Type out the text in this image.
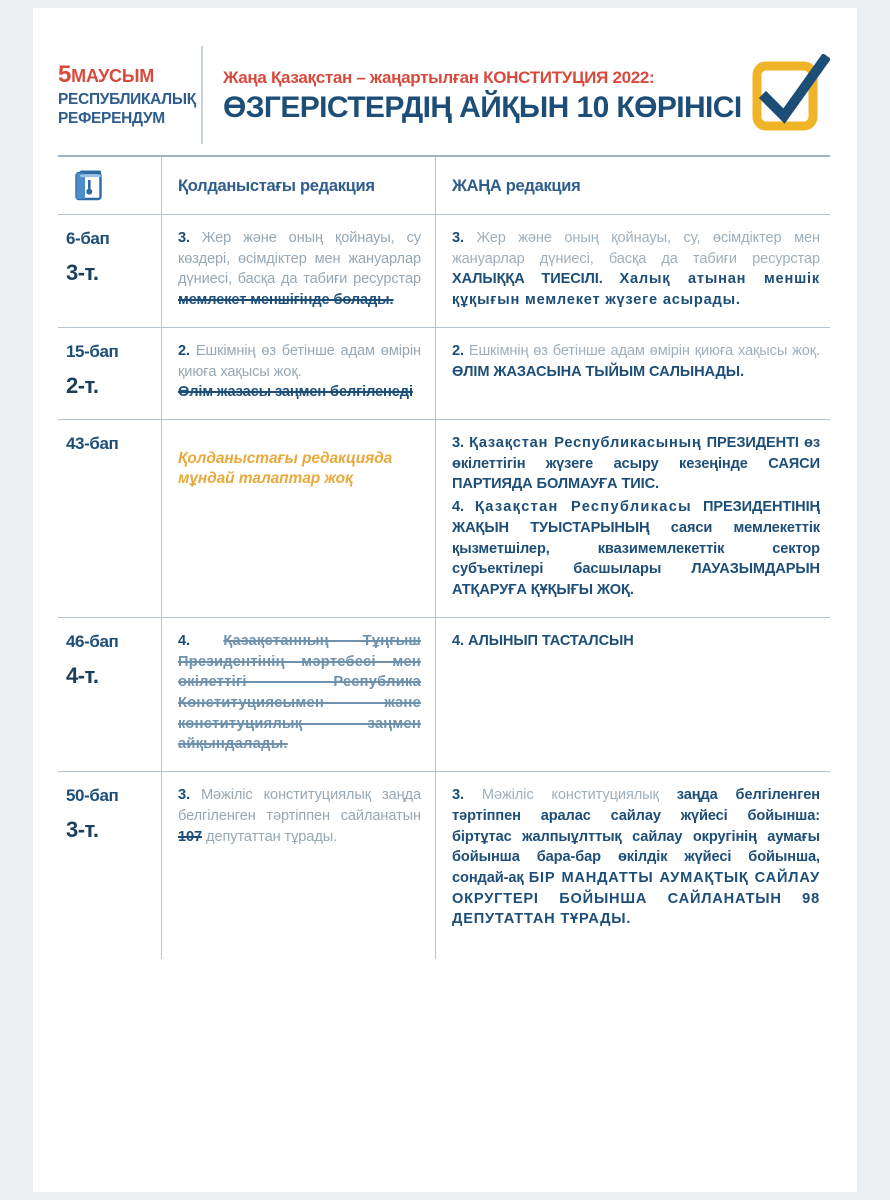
5МАУСЫМ
РЕСПУБЛИКАЛЫҚ
РЕФЕРЕНДУМ
Жаңа Қазақстан – жаңартылған КОНСТИТУЦИЯ 2022:
ӨЗГЕРІСТЕРДІҢ АЙҚЫН 10 КӨРІНІСІ
Қолданыстағы редакция	ЖАҢА редакция
6-бап
3-т.

3. Жер және оның қойнауы, су көздері, өсімдіктер мен жануарлар дүниесі, басқа да табиғи ресурстар мемлекет меншігінде болады.

3. Жер және оның қойнауы, су, өсімдіктер мен жануарлар дүниесі, басқа да табиғи ресурстар ХАЛЫҚҚА ТИЕСІЛІ. Халық атынан меншік құқығын мемлекет жүзеге асырады.

15-бап
2-т.

2. Ешкімнің өз бетінше адам өмірін қиюға хақысы жоқ.
Өлім жазасы заңмен белгіленеді

2. Ешкімнің өз бетінше адам өмірін қиюға хақысы жоқ. ӨЛІМ ЖАЗАСЫНА ТЫЙЫМ САЛЫНАДЫ.

43-бап

Қолданыстағы редакцияда мұндай талаптар жоқ

3. Қазақстан Республикасының ПРЕЗИДЕНТІ өз өкілеттігін жүзеге асыру кезеңінде САЯСИ ПАРТИЯДА БОЛМАУҒА ТИІС.

4. Қазақстан Республикасы ПРЕЗИДЕНТІНІҢ ЖАҚЫН ТУЫСТАРЫНЫҢ саяси мемлекеттік қызметшілер, квазимемлекеттік сектор субъектілері басшылары ЛАУАЗЫМДАРЫН АТҚАРУҒА ҚҰҚЫҒЫ ЖОҚ.

46-бап
4-т.

4. Қазақстанның Тұңғыш Президентінің мәртебесі мен өкілеттігі Республика Конституциясымен және конституциялық заңмен айқындалады.

4. АЛЫНЫП ТАСТАЛСЫН

50-бап
3-т.

3. Мәжіліс конституциялық заңда белгіленген тәртіппен сайланатын 107 депутаттан тұрады.

3. Мәжіліс конституциялық заңда белгіленген тәртіппен аралас сайлау жүйесі бойынша: біртұтас жалпыұлттық сайлау округінің аумағы бойынша бара-бар өкілдік жүйесі бойынша, сондай-ақ БІР МАНДАТТЫ АУМАҚТЫҚ САЙЛАУ ОКРУГТЕРІ БОЙЫНША САЙЛАНАТЫН 98 ДЕПУТАТТАН ТҰРАДЫ.
